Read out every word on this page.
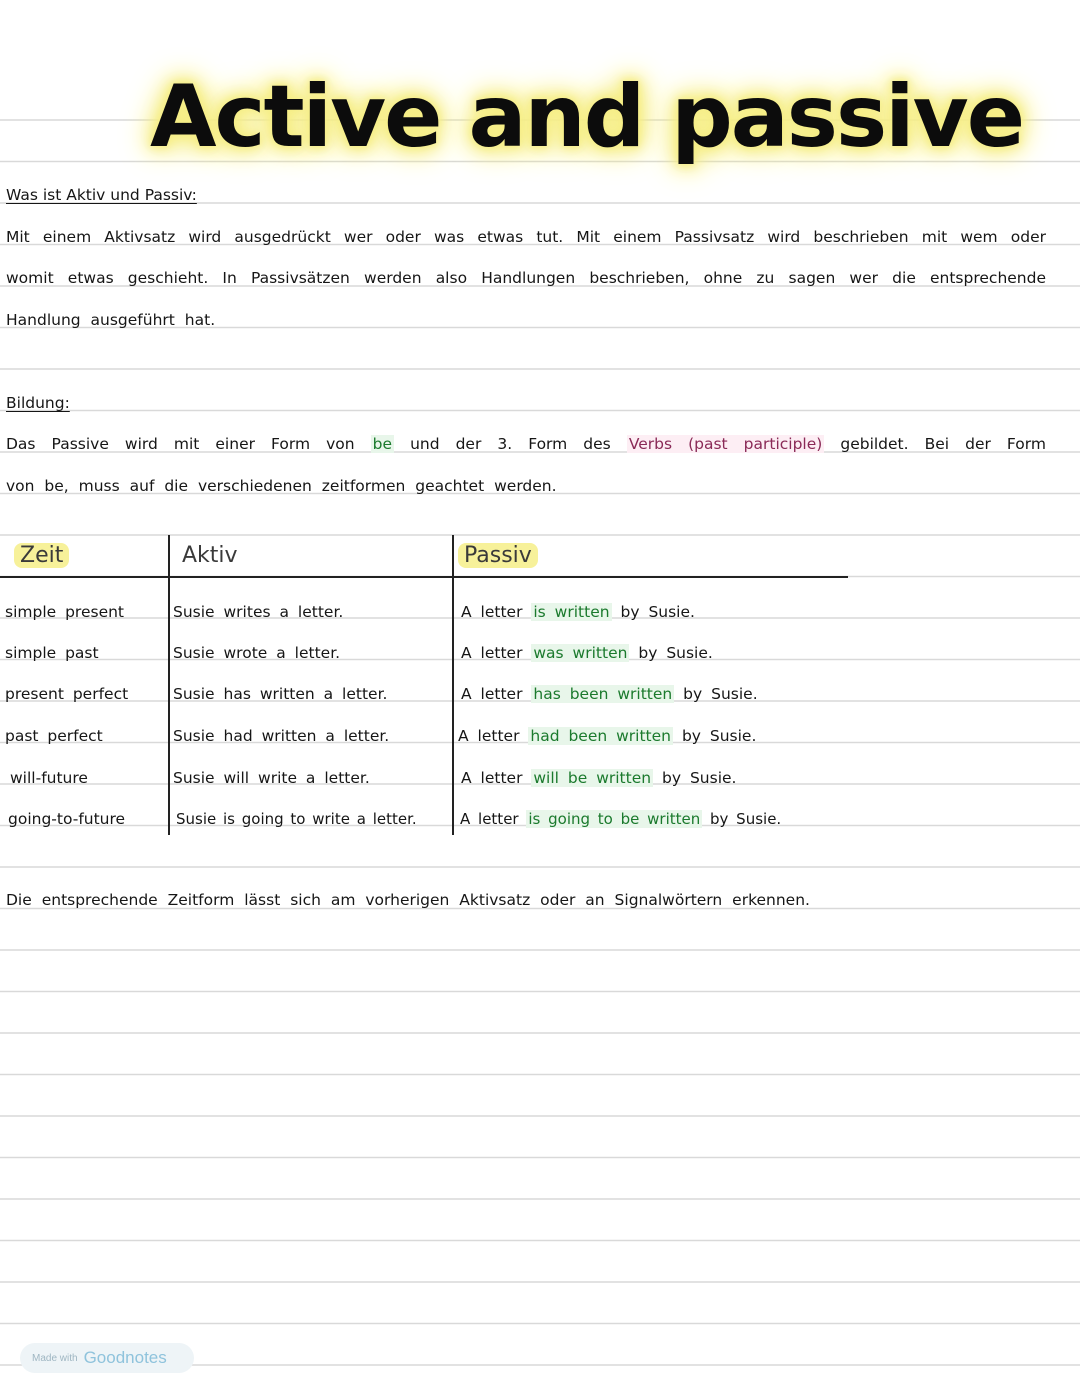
Active and passive
Was ist Aktiv und Passiv:
Mit einem Aktivsatz wird ausgedrückt wer oder was etwas tut. Mit einem Passivsatz wird beschrieben mit wem oder
womit etwas geschieht. In Passivsätzen werden also Handlungen beschrieben, ohne zu sagen wer die entsprechende
Handlung ausgeführt hat.
Bildung:
Das Passive wird mit einer Form von be und der 3. Form des Verbs (past participle) gebildet. Bei der Form
von be, muss auf die verschiedenen zeitformen geachtet werden.
Zeit	Aktiv	Passiv
simple present	Susie writes a letter.	A letter is written by Susie.
simple past	Susie wrote a letter.	A letter was written by Susie.
present perfect	Susie has written a letter.	A letter has been written by Susie.
past perfect	Susie had written a letter.	A letter had been written by Susie.
will-future	Susie will write a letter.	A letter will be written by Susie.
going-to-future	Susie is going to write a letter.	A letter is going to be written by Susie.
Die entsprechende Zeitform lässt sich am vorherigen Aktivsatz oder an Signalwörtern erkennen.
Made with Goodnotes
